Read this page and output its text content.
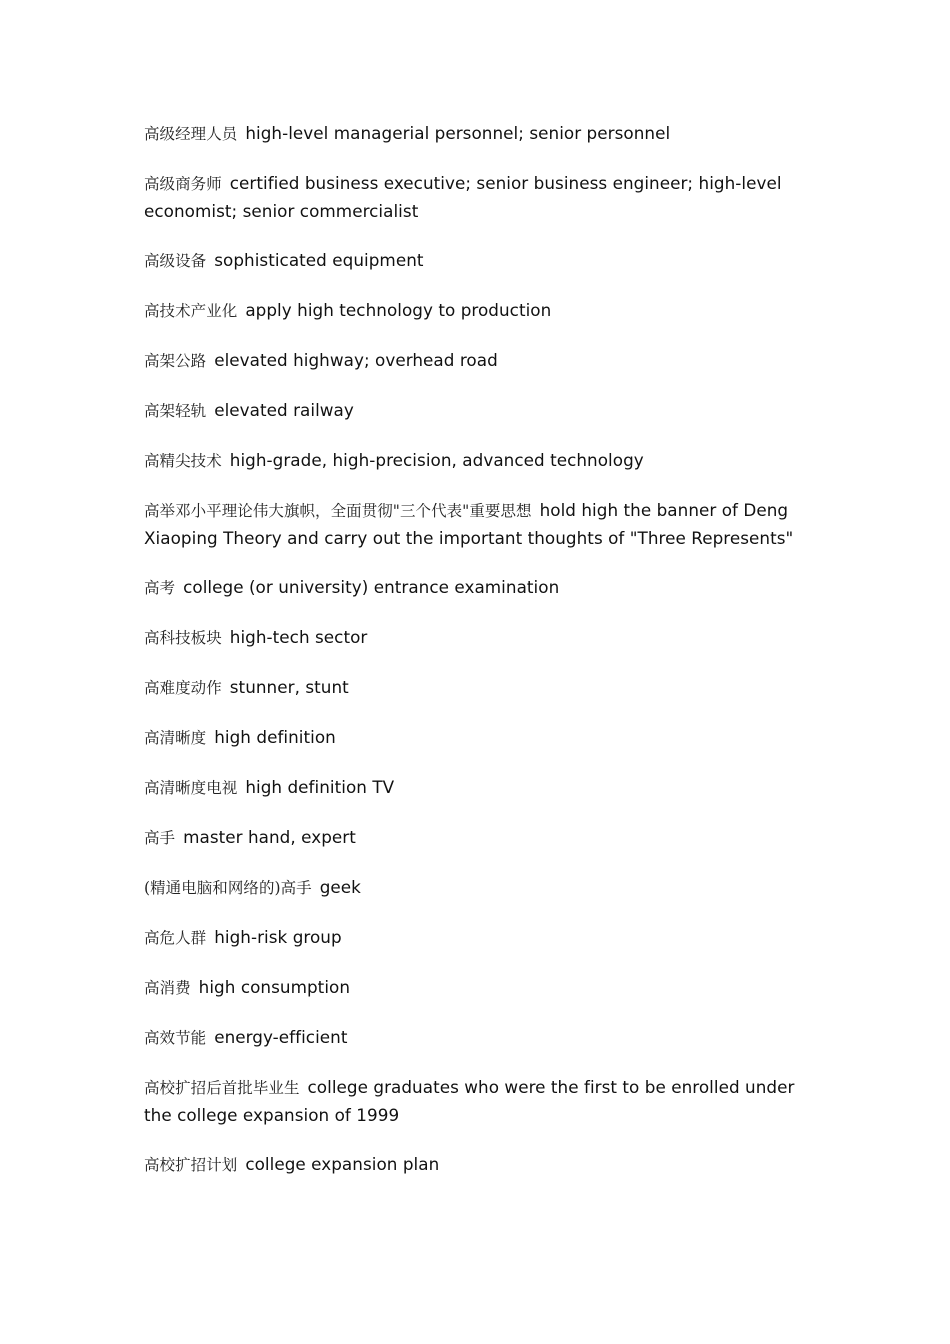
高级经理人员 high-level managerial personnel; senior personnel

高级商务师 certified business executive; senior business engineer; high-level economist; senior commercialist

高级设备 sophisticated equipment

高技术产业化 apply high technology to production

高架公路 elevated highway; overhead road

高架轻轨 elevated railway

高精尖技术 high-grade, high-precision, advanced technology

高举邓小平理论伟大旗帜，全面贯彻"三个代表"重要思想 hold high the banner of Deng Xiaoping Theory and carry out the important thoughts of "Three Represents"

高考 college (or university) entrance examination

高科技板块 high-tech sector

高难度动作 stunner, stunt

高清晰度 high definition

高清晰度电视 high definition TV

高手 master hand, expert

(精通电脑和网络的)高手 geek

高危人群 high-risk group

高消费 high consumption

高效节能 energy-efficient

高校扩招后首批毕业生 college graduates who were the first to be enrolled under the college expansion of 1999

高校扩招计划 college expansion plan
